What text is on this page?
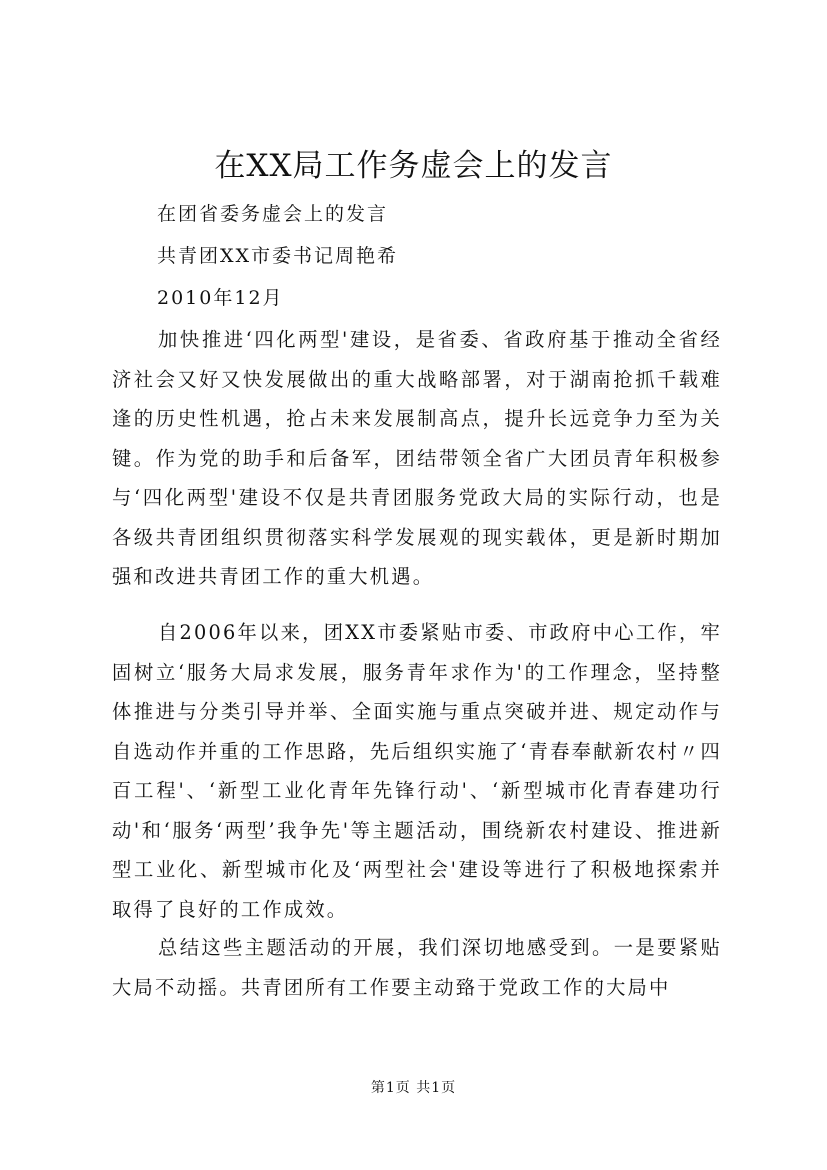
在XX局工作务虚会上的发言
在团省委务虚会上的发言
共青团XX市委书记周艳希
2010年12月

加快推进‘四化两型'建设，是省委、省政府基于推动全省经济社会又好又快发展做出的重大战略部署，对于湖南抢抓千载难逢的历史性机遇，抢占未来发展制高点，提升长远竞争力至为关键。作为党的助手和后备军，团结带领全省广大团员青年积极参与‘四化两型'建设不仅是共青团服务党政大局的实际行动，也是各级共青团组织贯彻落实科学发展观的现实载体，更是新时期加强和改进共青团工作的重大机遇。

自2006年以来，团XX市委紧贴市委、市政府中心工作，牢固树立‘服务大局求发展，服务青年求作为'的工作理念，坚持整体推进与分类引导并举、全面实施与重点突破并进、规定动作与自选动作并重的工作思路，先后组织实施了‘青春奉献新农村〃四百工程'、‘新型工业化青年先锋行动'、‘新型城市化青春建功行动'和‘服务‘两型’我争先'等主题活动，围绕新农村建设、推进新型工业化、新型城市化及‘两型社会'建设等进行了积极地探索并取得了良好的工作成效。

总结这些主题活动的开展，我们深切地感受到。一是要紧贴大局不动摇。共青团所有工作要主动臵于党政工作的大局中

第1页 共1页
